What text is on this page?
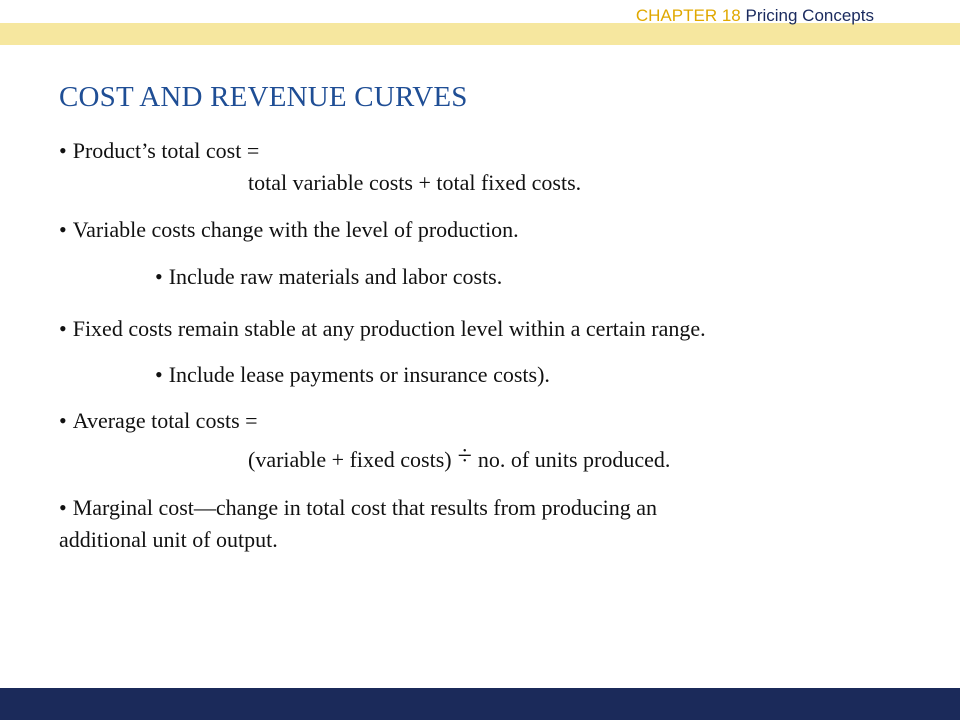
CHAPTER 18 Pricing Concepts
COST AND REVENUE CURVES
• Product’s total cost =
total variable costs + total fixed costs.
• Variable costs change with the level of production.
• Include raw materials and labor costs.
• Fixed costs remain stable at any production level within a certain range.
• Include lease payments or insurance costs).
• Average total costs =
(variable + fixed costs) ÷ no. of units produced.
• Marginal cost—change in total cost that results from producing an
additional unit of output.
